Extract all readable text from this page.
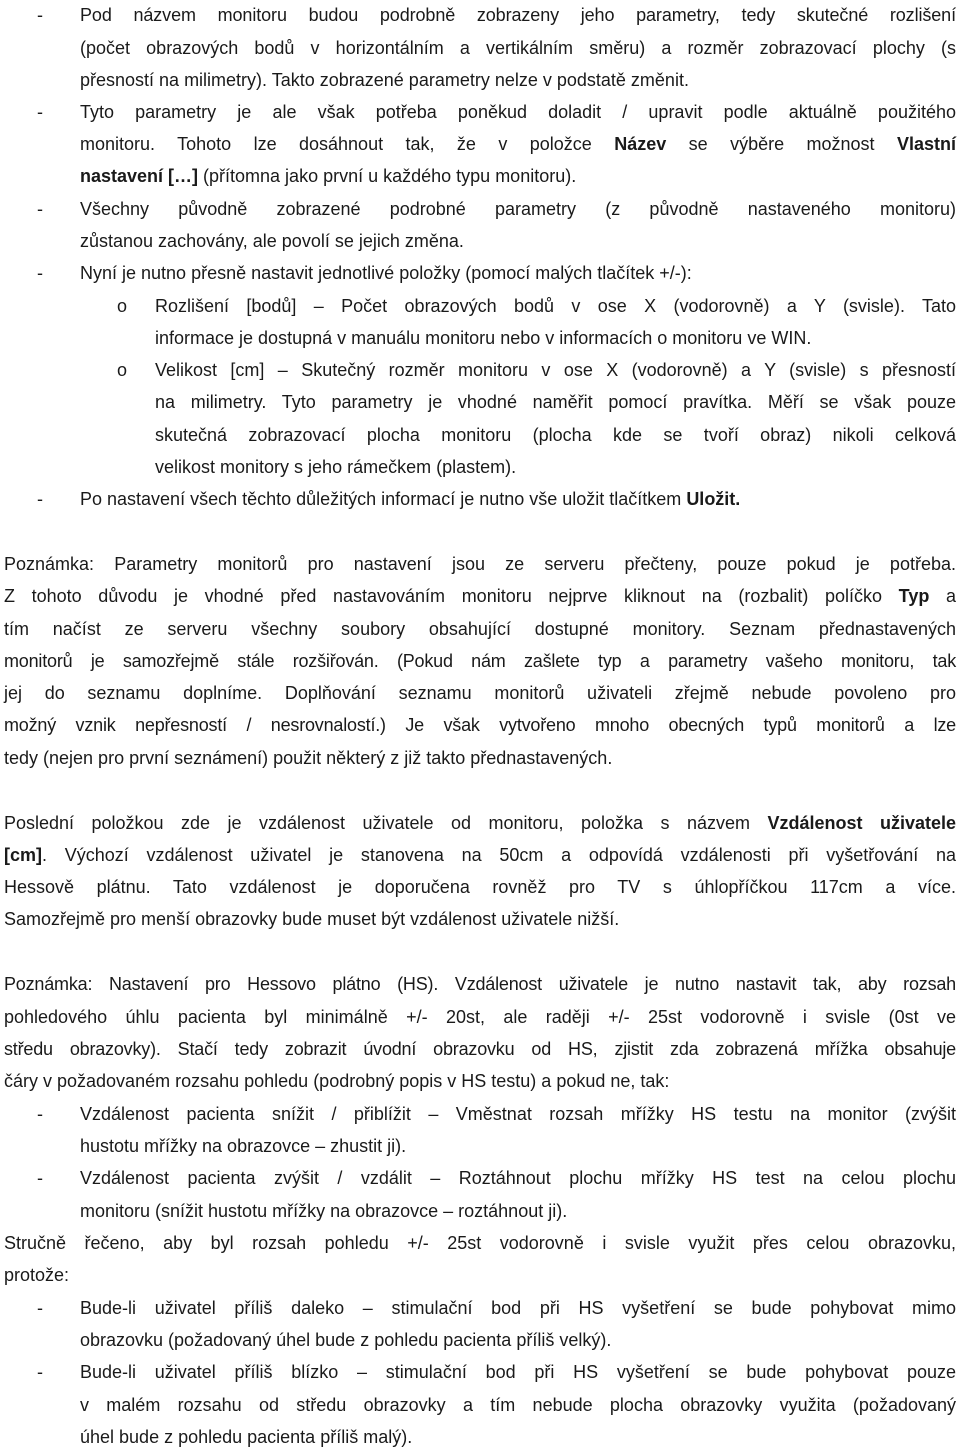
- Pod názvem monitoru budou podrobně zobrazeny jeho parametry, tedy skutečné rozlišení
(počet obrazových bodů v horizontálním a vertikálním směru) a rozměr zobrazovací plochy (s
přesností na milimetry). Takto zobrazené parametry nelze v podstatě změnit.
- Tyto parametry je ale však potřeba poněkud doladit / upravit podle aktuálně použitého
monitoru. Tohoto lze dosáhnout tak, že v položce Název se výběre možnost Vlastní
nastavení […] (přítomna jako první u každého typu monitoru).
- Všechny původně zobrazené podrobné parametry (z původně nastaveného monitoru)
zůstanou zachovány, ale povolí se jejich změna.
- Nyní je nutno přesně nastavit jednotlivé položky (pomocí malých tlačítek +/-):
o Rozlišení [bodů] – Počet obrazových bodů v ose X (vodorovně) a Y (svisle). Tato
informace je dostupná v manuálu monitoru nebo v informacích o monitoru ve WIN.
o Velikost [cm] – Skutečný rozměr monitoru v ose X (vodorovně) a Y (svisle) s přesností
na milimetry. Tyto parametry je vhodné naměřit pomocí pravítka. Měří se však pouze
skutečná zobrazovací plocha monitoru (plocha kde se tvoří obraz) nikoli celková
velikost monitory s jeho rámečkem (plastem).
- Po nastavení všech těchto důležitých informací je nutno vše uložit tlačítkem Uložit.
Poznámka: Parametry monitorů pro nastavení jsou ze serveru přečteny, pouze pokud je potřeba.
Z tohoto důvodu je vhodné před nastavováním monitoru nejprve kliknout na (rozbalit) políčko Typ a
tím načíst ze serveru všechny soubory obsahující dostupné monitory. Seznam přednastavených
monitorů je samozřejmě stále rozšiřován. (Pokud nám zašlete typ a parametry vašeho monitoru, tak
jej do seznamu doplníme. Doplňování seznamu monitorů uživateli zřejmě nebude povoleno pro
možný vznik nepřesností / nesrovnalostí.) Je však vytvořeno mnoho obecných typů monitorů a lze
tedy (nejen pro první seznámení) použit některý z již takto přednastavených.
Poslední položkou zde je vzdálenost uživatele od monitoru, položka s názvem Vzdálenost uživatele
[cm]. Výchozí vzdálenost uživatel je stanovena na 50cm a odpovídá vzdálenosti při vyšetřování na
Hessově plátnu. Tato vzdálenost je doporučena rovněž pro TV s úhlopříčkou 117cm a více.
Samozřejmě pro menší obrazovky bude muset být vzdálenost uživatele nižší.
Poznámka: Nastavení pro Hessovo plátno (HS). Vzdálenost uživatele je nutno nastavit tak, aby rozsah
pohledového úhlu pacienta byl minimálně +/- 20st, ale raději +/- 25st vodorovně i svisle (0st ve
středu obrazovky). Stačí tedy zobrazit úvodní obrazovku od HS, zjistit zda zobrazená mřížka obsahuje
čáry v požadovaném rozsahu pohledu (podrobný popis v HS testu) a pokud ne, tak:
- Vzdálenost pacienta snížit / přiblížit – Vměstnat rozsah mřížky HS testu na monitor (zvýšit
hustotu mřížky na obrazovce – zhustit ji).
- Vzdálenost pacienta zvýšit / vzdálit – Roztáhnout plochu mřížky HS test na celou plochu
monitoru (snížit hustotu mřížky na obrazovce – roztáhnout ji).
Stručně řečeno, aby byl rozsah pohledu +/- 25st vodorovně i svisle využit přes celou obrazovku,
protože:
- Bude-li uživatel příliš daleko – stimulační bod při HS vyšetření se bude pohybovat mimo
obrazovku (požadovaný úhel bude z pohledu pacienta příliš velký).
- Bude-li uživatel příliš blízko – stimulační bod při HS vyšetření se bude pohybovat pouze
v malém rozsahu od středu obrazovky a tím nebude plocha obrazovky využita (požadovaný
úhel bude z pohledu pacienta příliš malý).
